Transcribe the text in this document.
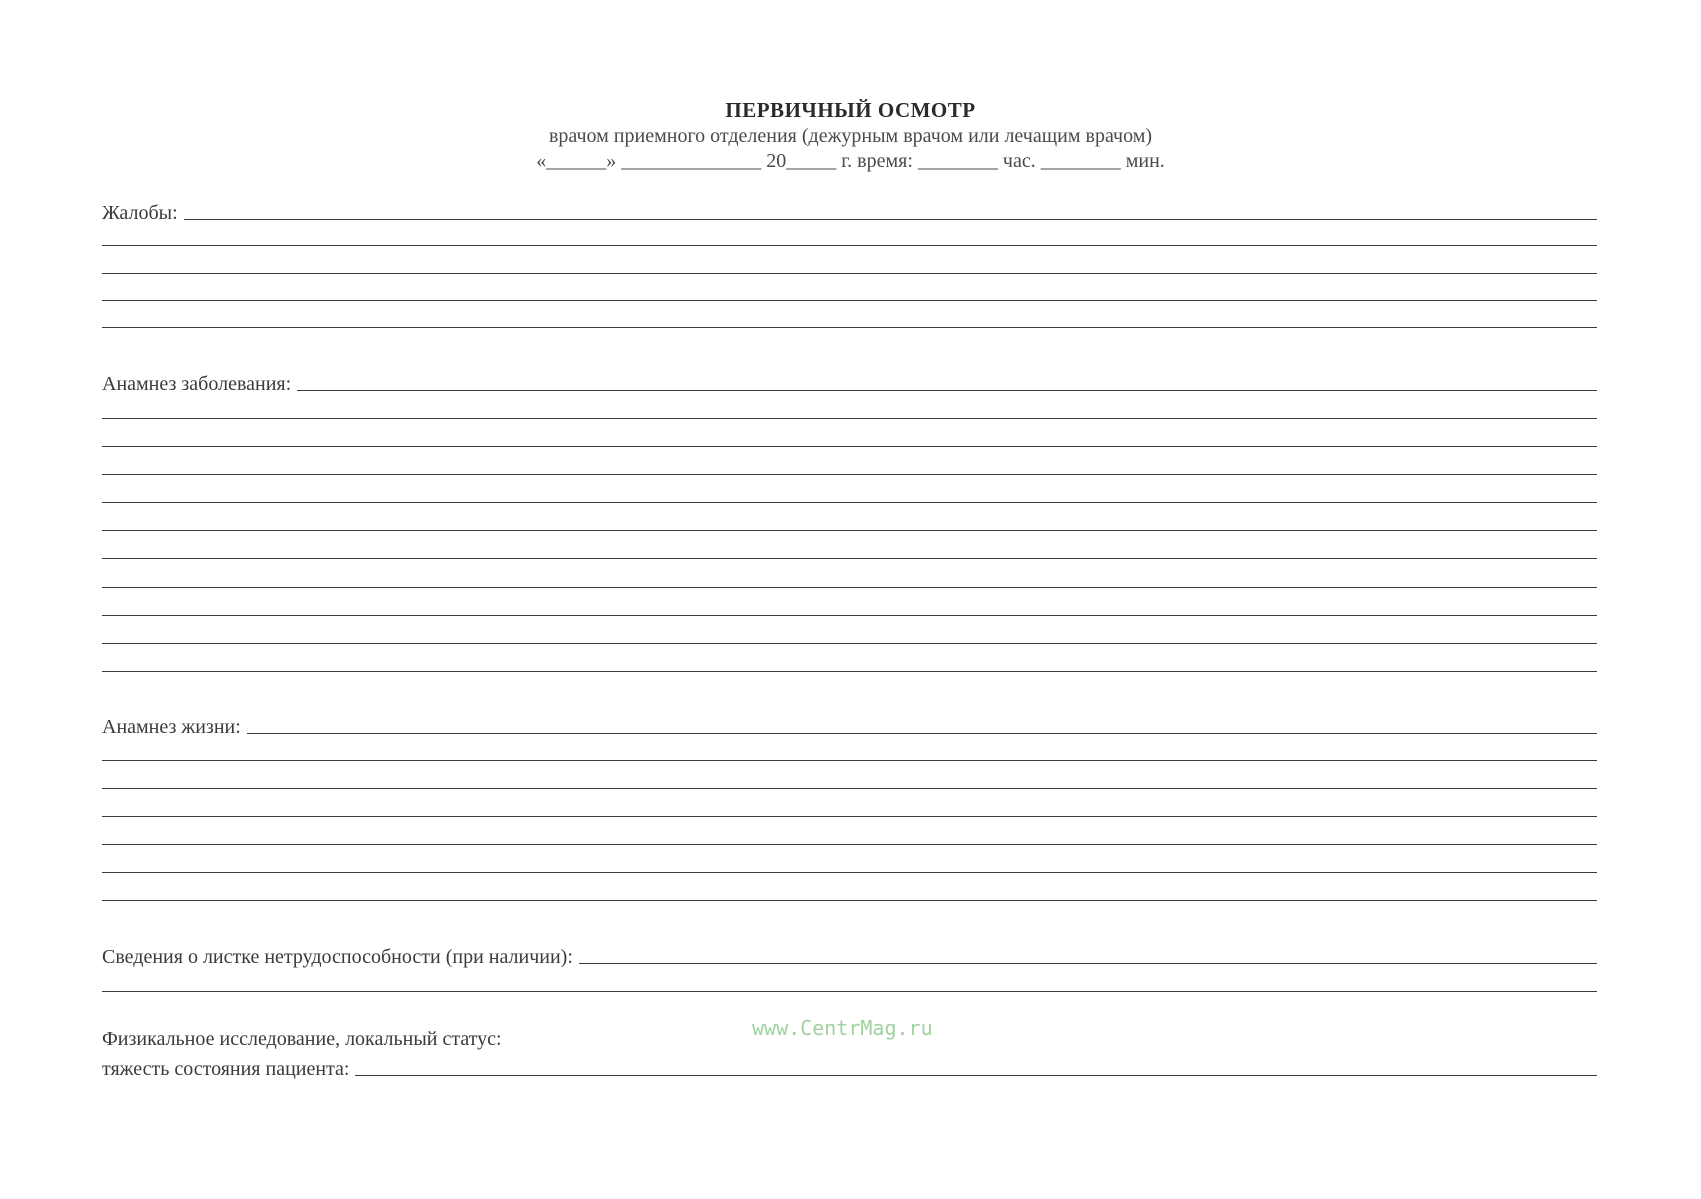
ПЕРВИЧНЫЙ ОСМОТР
врачом приемного отделения (дежурным врачом или лечащим врачом)
«______» ______________ 20_____ г. время: ________ час. ________ мин.
Жалобы:
Анамнез заболевания:
Анамнез жизни:
Сведения о листке нетрудоспособности (при наличии):
www.CentrMag.ru
Физикальное исследование, локальный статус:
тяжесть состояния пациента:
